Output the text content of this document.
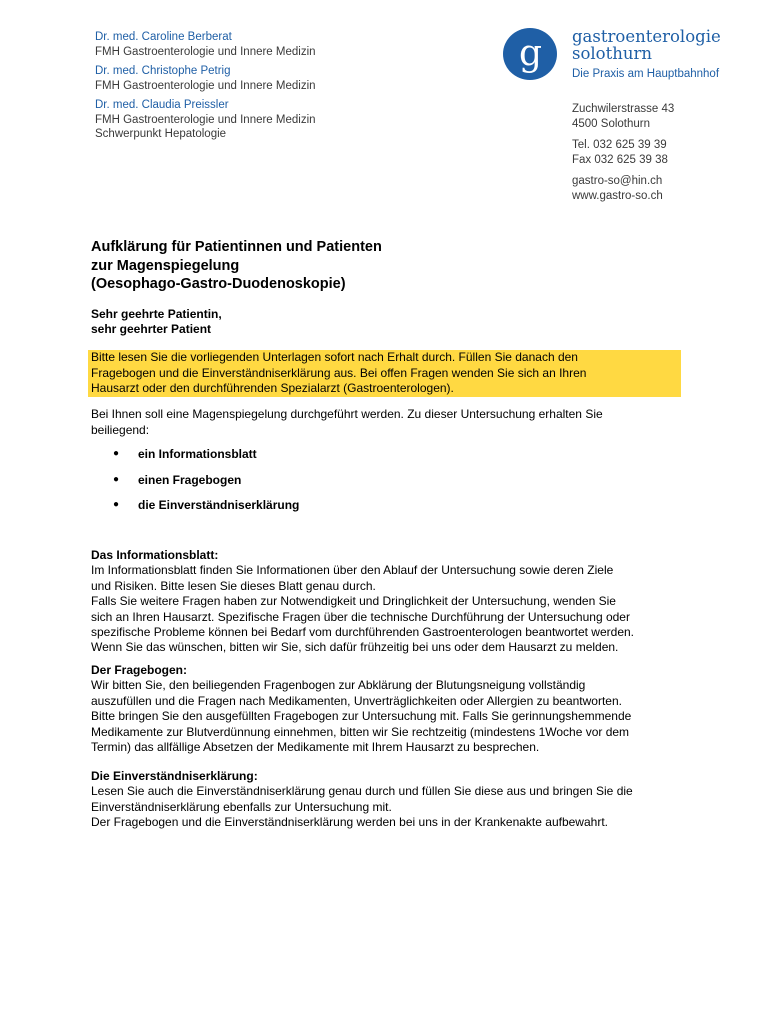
Dr. med. Caroline Berberat
FMH Gastroenterologie und Innere Medizin
Dr. med. Christophe Petrig
FMH Gastroenterologie und Innere Medizin
Dr. med. Claudia Preissler
FMH Gastroenterologie und Innere Medizin
Schwerpunkt Hepatologie
g gastroenterologie
solothurn
Die Praxis am Hauptbahnhof
Zuchwilerstrasse 43
4500 Solothurn
Tel. 032 625 39 39
Fax 032 625 39 38
gastro-so@hin.ch
www.gastro-so.ch
Aufklärung für Patientinnen und Patienten
zur Magenspiegelung
(Oesophago-Gastro-Duodenoskopie)
Sehr geehrte Patientin,
sehr geehrter Patient
Bitte lesen Sie die vorliegenden Unterlagen sofort nach Erhalt durch. Füllen Sie danach den
Fragebogen und die Einverständniserklärung aus. Bei offen Fragen wenden Sie sich an Ihren
Hausarzt oder den durchführenden Spezialarzt (Gastroenterologen).
Bei Ihnen soll eine Magenspiegelung durchgeführt werden. Zu dieser Untersuchung erhalten Sie
beiliegend:
● ein Informationsblatt
● einen Fragebogen
● die Einverständniserklärung
Das Informationsblatt:
Im Informationsblatt finden Sie Informationen über den Ablauf der Untersuchung sowie deren Ziele
und Risiken. Bitte lesen Sie dieses Blatt genau durch.
Falls Sie weitere Fragen haben zur Notwendigkeit und Dringlichkeit der Untersuchung, wenden Sie
sich an Ihren Hausarzt. Spezifische Fragen über die technische Durchführung der Untersuchung oder
spezifische Probleme können bei Bedarf vom durchführenden Gastroenterologen beantwortet werden.
Wenn Sie das wünschen, bitten wir Sie, sich dafür frühzeitig bei uns oder dem Hausarzt zu melden.
Der Fragebogen:
Wir bitten Sie, den beiliegenden Fragenbogen zur Abklärung der Blutungsneigung vollständig
auszufüllen und die Fragen nach Medikamenten, Unverträglichkeiten oder Allergien zu beantworten.
Bitte bringen Sie den ausgefüllten Fragebogen zur Untersuchung mit. Falls Sie gerinnungshemmende
Medikamente zur Blutverdünnung einnehmen, bitten wir Sie rechtzeitig (mindestens 1Woche vor dem
Termin) das allfällige Absetzen der Medikamente mit Ihrem Hausarzt zu besprechen.
Die Einverständniserklärung:
Lesen Sie auch die Einverständniserklärung genau durch und füllen Sie diese aus und bringen Sie die
Einverständniserklärung ebenfalls zur Untersuchung mit.
Der Fragebogen und die Einverständniserklärung werden bei uns in der Krankenakte aufbewahrt.
